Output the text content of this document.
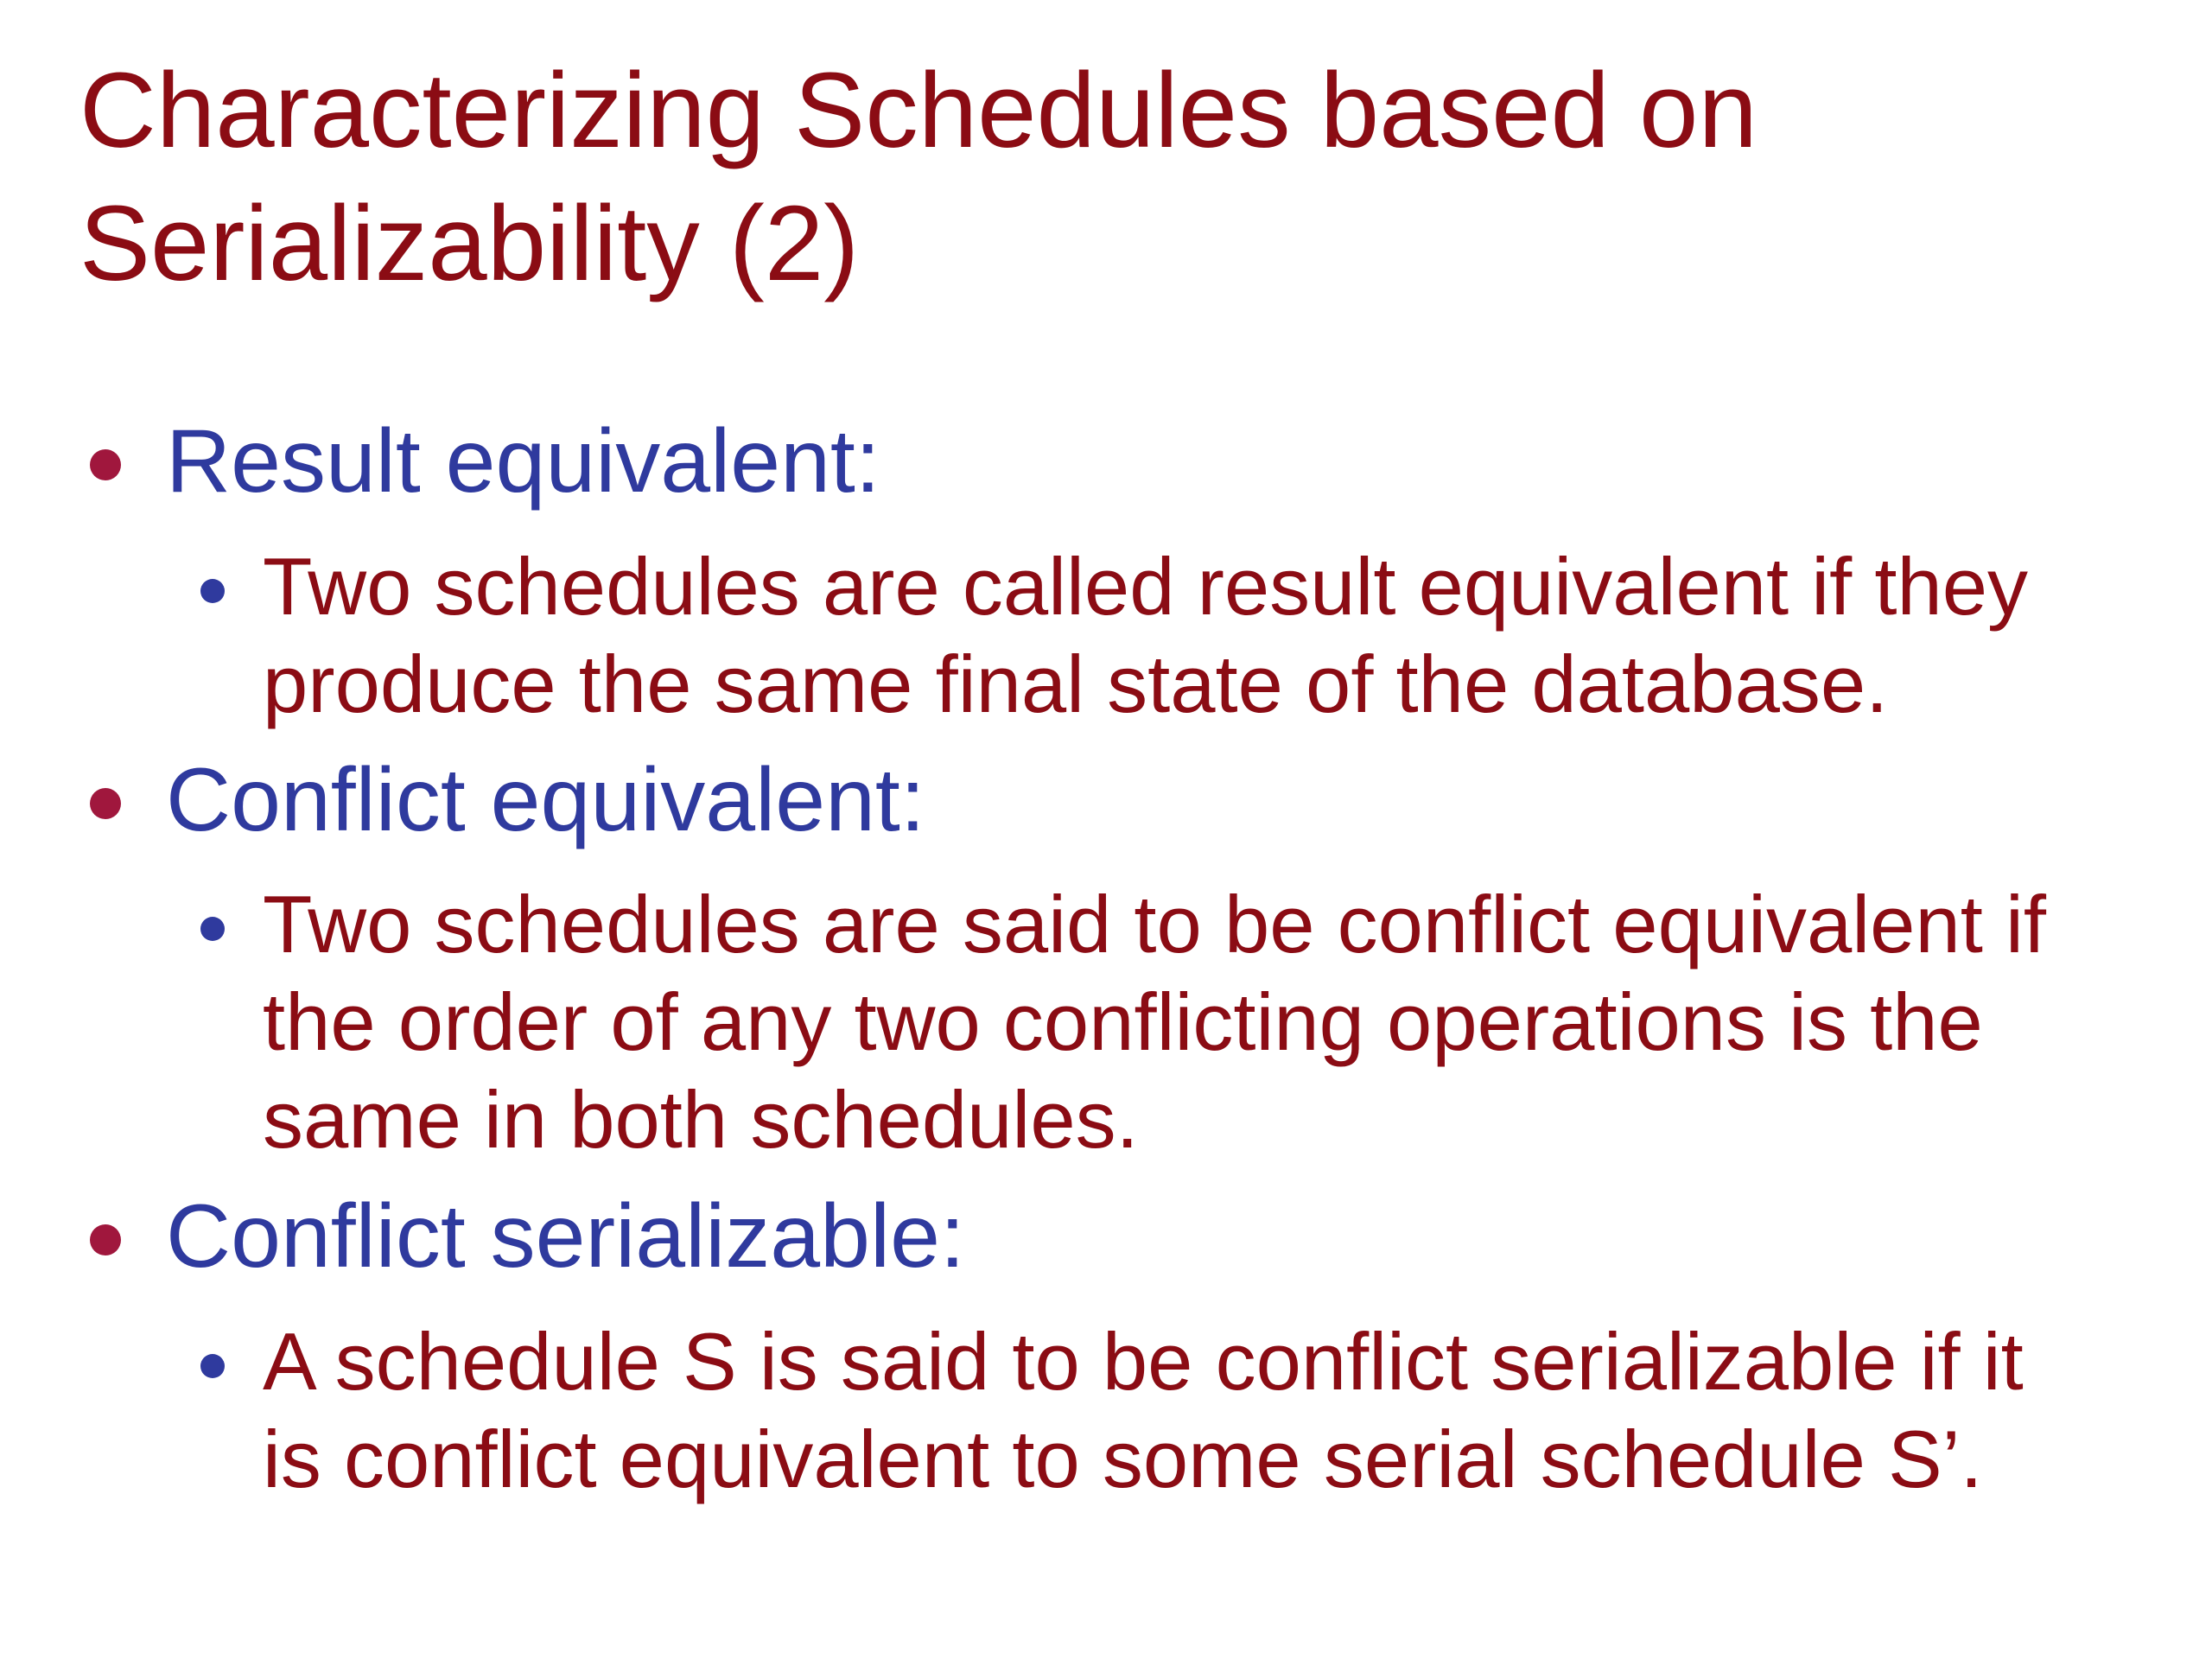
Characterizing Schedules based on
Serializability (2)
Result equivalent:
Two schedules are called result equivalent if they
produce the same final state of the database.
Conflict equivalent:
Two schedules are said to be conflict equivalent if
the order of any two conflicting operations is the
same in both schedules.
Conflict serializable:
A schedule S is said to be conflict serializable if it
is conflict equivalent to some serial schedule S’.
